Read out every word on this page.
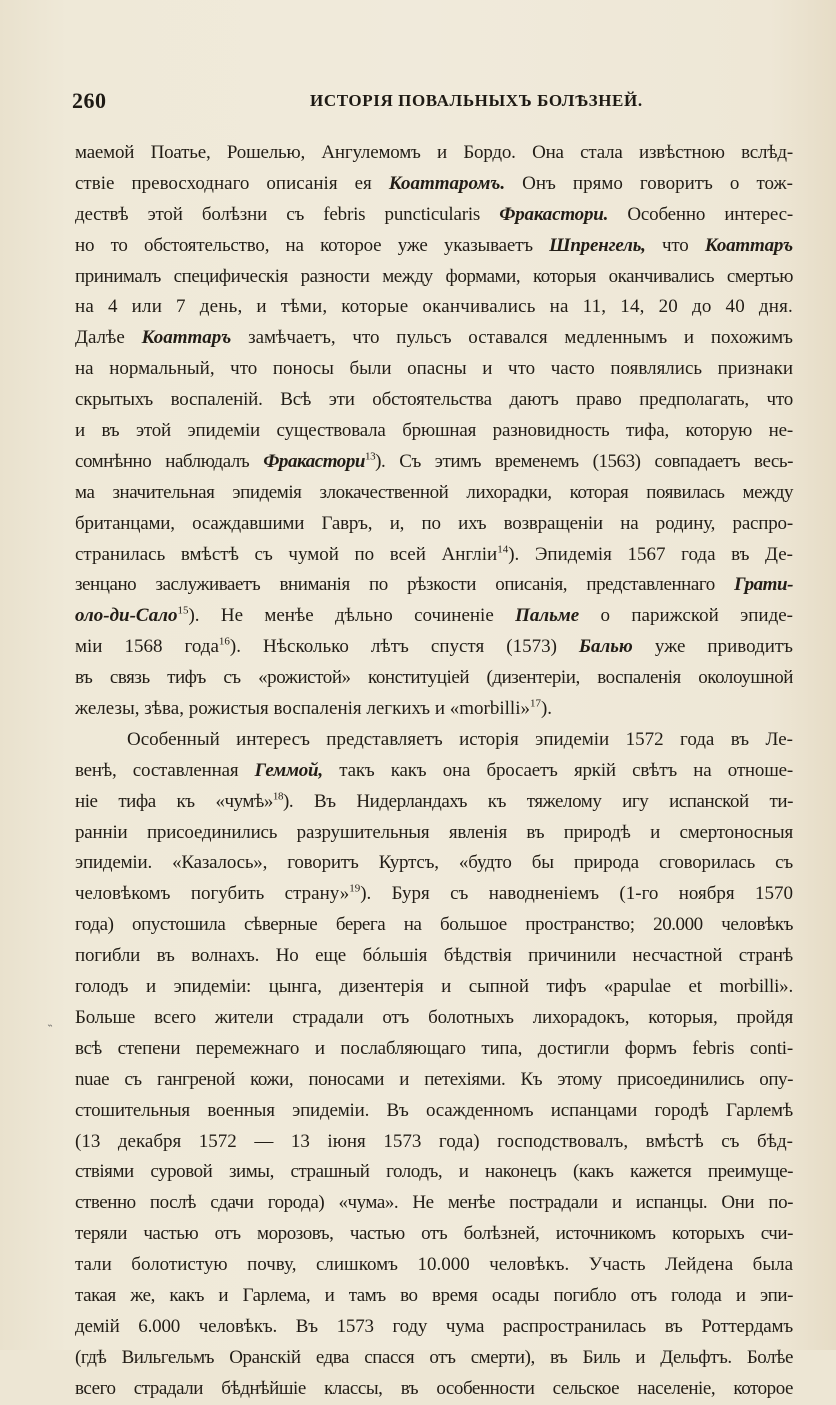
260	ИСТОРІЯ ПОВАЛЬНЫХЪ БОЛѢЗНЕЙ.
маемой Поатье, Рошелью, Ангулемомъ и Бордо. Она стала извѣстною вслѣд-
ствіе превосходнаго описанія ея Коаттаромъ. Онъ прямо говоритъ о тож-
дествѣ этой болѣзни съ febris puncticularis Фракастори. Особенно интерес-
но то обстоятельство, на которое уже указываетъ Шпренгель, что Коаттаръ
принималъ специфическія разности между формами, которыя оканчивались смертью
на 4 или 7 день, и тѣми, которые оканчивались на 11, 14, 20 до 40 дня.
Далѣе Коаттаръ замѣчаетъ, что пульсъ оставался медленнымъ и похожимъ
на нормальный, что поносы были опасны и что часто появлялись признаки
скрытыхъ воспаленій. Всѣ эти обстоятельства даютъ право предполагать, что
и въ этой эпидеміи существовала брюшная разновидность тифа, которую не-
сомнѣнно наблюдалъ Фракастори$^{13}$). Съ этимъ временемъ (1563) совпадаетъ весь-
ма значительная эпидемія злокачественной лихорадки, которая появилась между
британцами, осаждавшими Гавръ, и, по ихъ возвращеніи на родину, распро-
странилась вмѣстѣ съ чумой по всей Англіи$^{14}$). Эпидемія 1567 года въ Де-
зенцано заслуживаетъ вниманія по рѣзкости описанія, представленнаго Грати-
оло-ди-Сало$^{15}$). Не менѣе дѣльно сочиненіе Пальме о парижской эпиде-
міи 1568 года$^{16}$). Нѣсколько лѣтъ спустя (1573) Балью уже приводитъ
въ связь тифъ съ «рожистой» конституціей (дизентеріи, воспаленія околоушной
железы, зѣва, рожистыя воспаленія легкихъ и «morbilli»$^{17}$).
Особенный интересъ представляетъ исторія эпидеміи 1572 года въ Ле-
венѣ, составленная Геммой, такъ какъ она бросаетъ яркій свѣтъ на отноше-
ніе тифа къ «чумѣ»$^{18}$). Въ Нидерландахъ къ тяжелому игу испанской ти-
ранніи присоединились разрушительныя явленія въ природѣ и смертоносныя
эпидеміи. «Казалось», говоритъ Куртсъ, «будто бы природа сговорилась съ
человѣкомъ погубить страну»$^{19}$). Буря съ наводненіемъ (1-го ноября 1570
года) опустошила сѣверные берега на большое пространство; 20.000 человѣкъ
погибли въ волнахъ. Но еще бóльшія бѣдствія причинили несчастной странѣ
голодъ и эпидеміи: цынга, дизентерія и сыпной тифъ «papulae et morbilli».
Больше всего жители страдали отъ болотныхъ лихорадокъ, которыя, пройдя
всѣ степени перемежнаго и послабляющаго типа, достигли формъ febris conti-
nuae съ гангреной кожи, поносами и петехіями. Къ этому присоединились опу-
стошительныя военныя эпидеміи. Въ осажденномъ испанцами городѣ Гарлемѣ
(13 декабря 1572 — 13 іюня 1573 года) господствовалъ, вмѣстѣ съ бѣд-
ствіями суровой зимы, страшный голодъ, и наконецъ (какъ кажется преимуще-
ственно послѣ сдачи города) «чума». Не менѣе пострадали и испанцы. Они по-
теряли частью отъ морозовъ, частью отъ болѣзней, источникомъ которыхъ счи-
тали болотистую почву, слишкомъ 10.000 человѣкъ. Участь Лейдена была
такая же, какъ и Гарлема, и тамъ во время осады погибло отъ голода и эпи-
демій 6.000 человѣкъ. Въ 1573 году чума распространилась въ Роттердамъ
(гдѣ Вильгельмъ Оранскій едва спасся отъ смерти), въ Биль и Дельфтъ. Болѣе
всего страдали бѣднѣйшіе классы, въ особенности сельское населеніе, которое
˵
